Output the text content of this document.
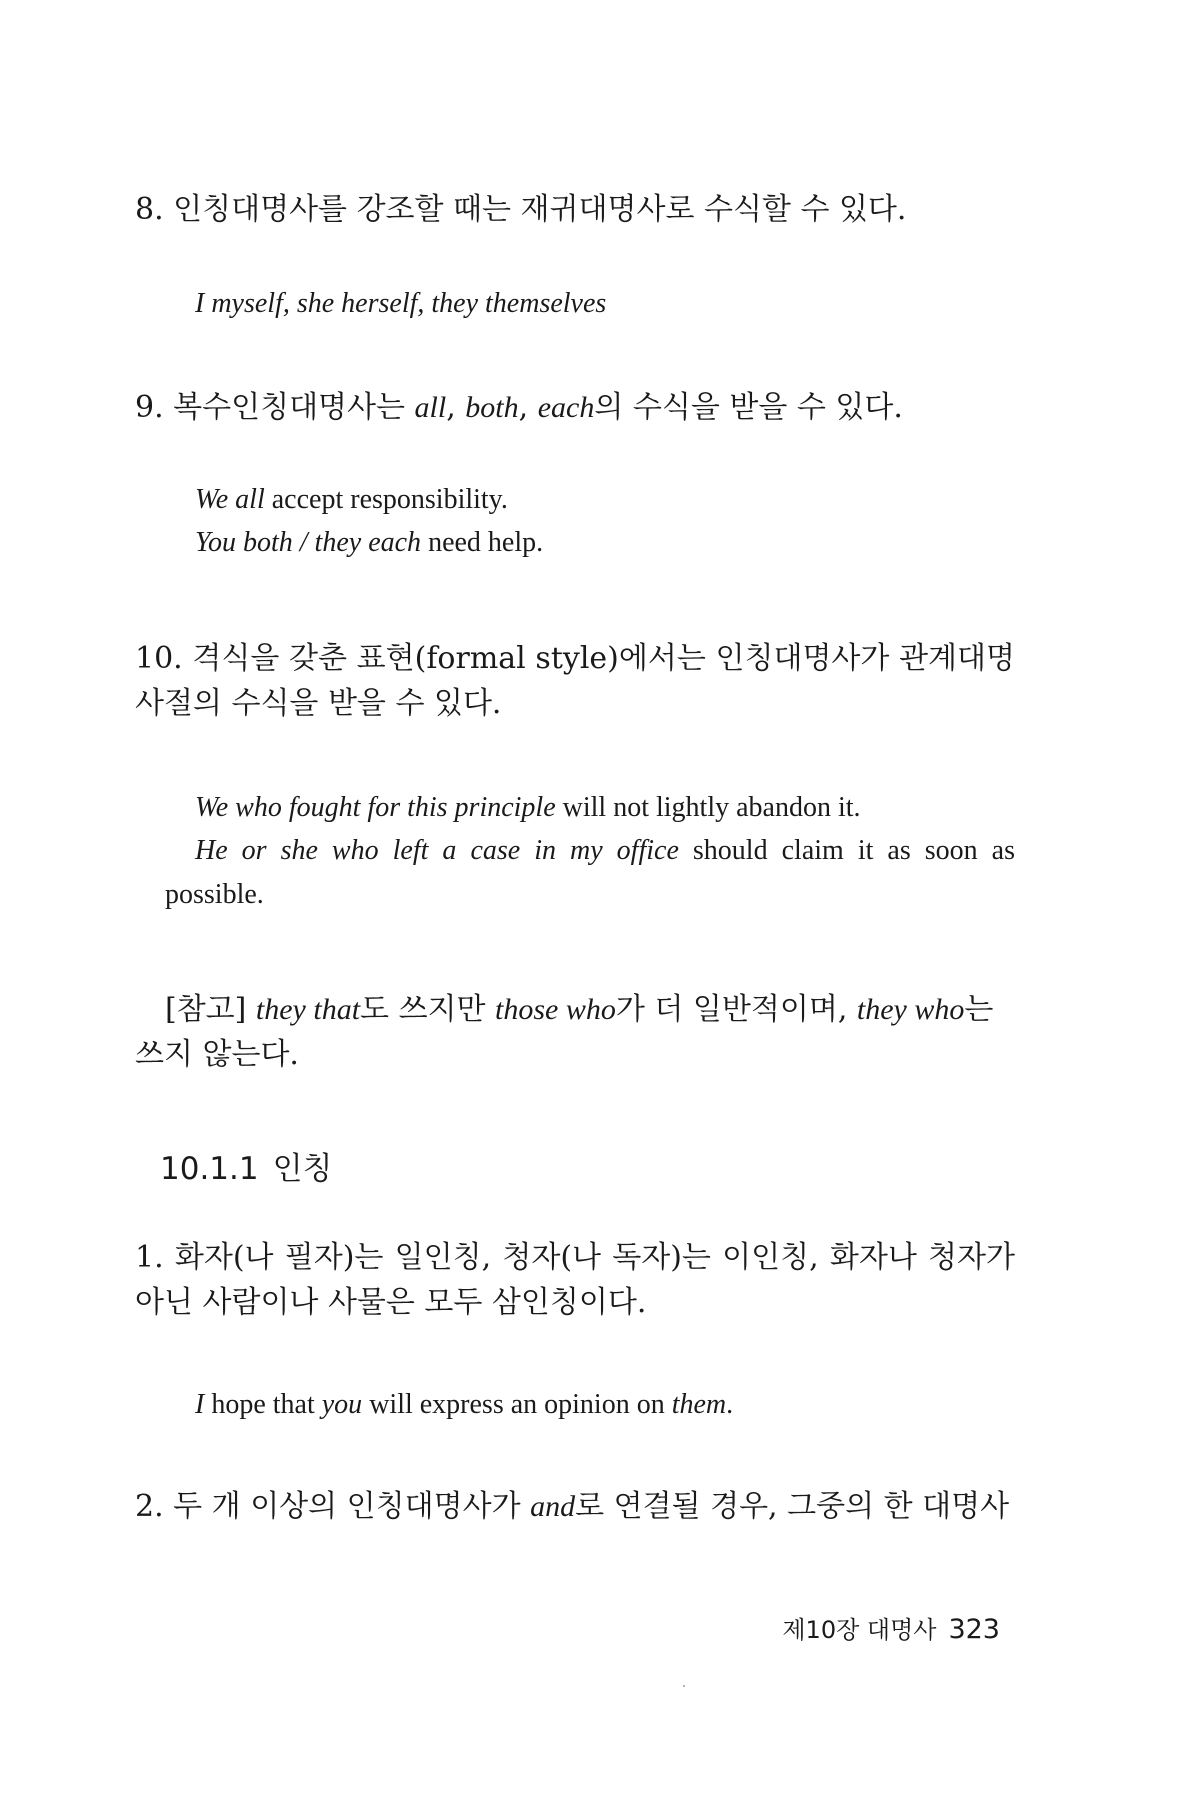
8. 인칭대명사를 강조할 때는 재귀대명사로 수식할 수 있다.
I myself, she herself, they themselves
9. 복수인칭대명사는 all, both, each의 수식을 받을 수 있다.
We all accept responsibility.
You both / they each need help.
10. 격식을 갖춘 표현(formal style)에서는 인칭대명사가 관계대명사절의 수식을 받을 수 있다.
We who fought for this principle will not lightly abandon it.
He or she who left a case in my office should claim it as soon as
possible.
[참고] they that도 쓰지만 those who가 더 일반적이며, they who는 쓰지 않는다.
10.1.1 인칭
1. 화자(나 필자)는 일인칭, 청자(나 독자)는 이인칭, 화자나 청자가 아닌 사람이나 사물은 모두 삼인칭이다.
I hope that you will express an opinion on them.
2. 두 개 이상의 인칭대명사가 and로 연결될 경우, 그중의 한 대명사
제10장 대명사 323
